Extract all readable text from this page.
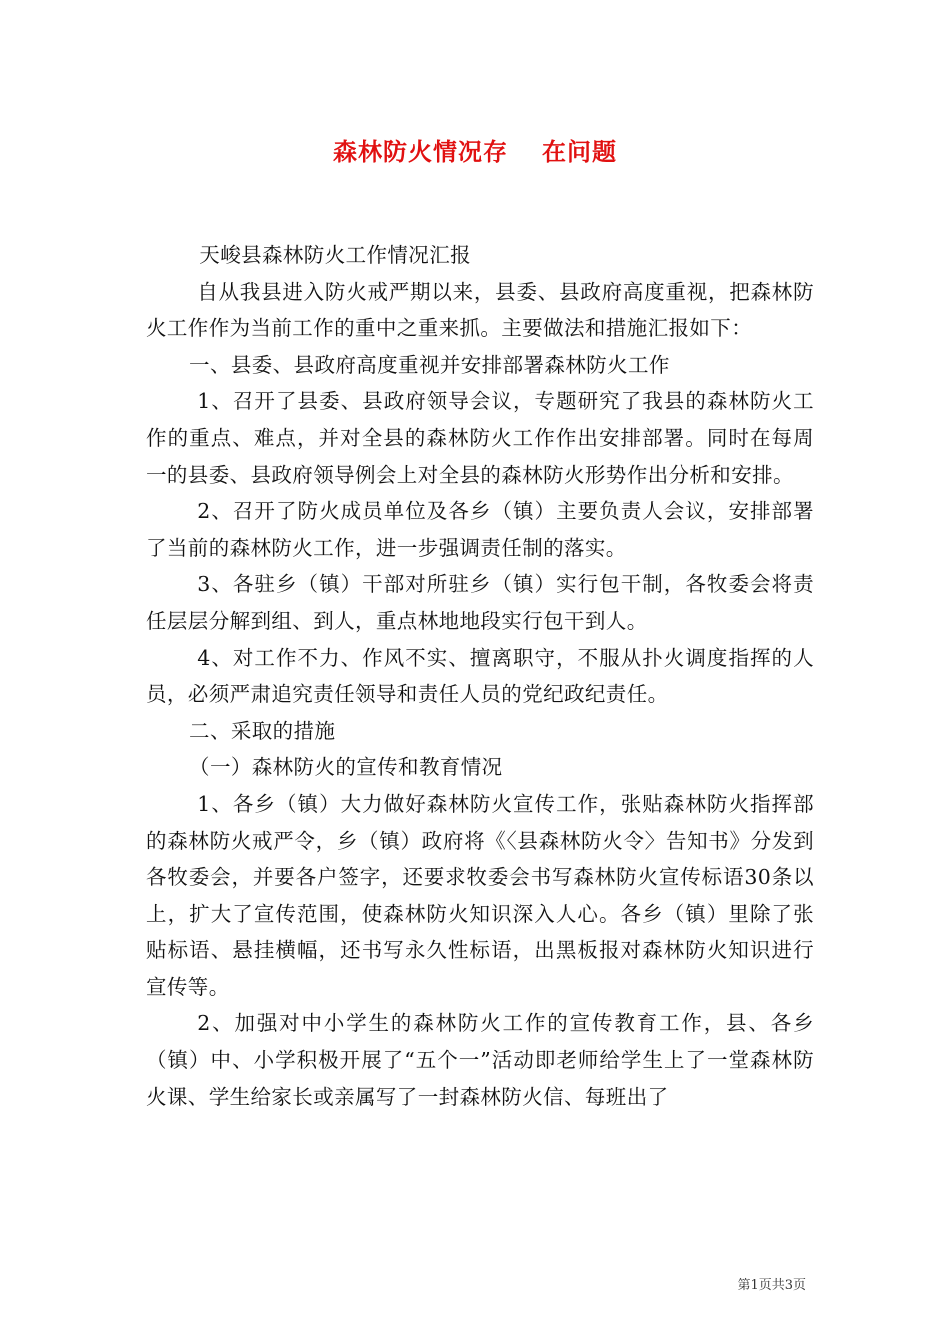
森林防火情况存 在问题

天峻县森林防火工作情况汇报

自从我县进入防火戒严期以来，县委、县政府高度重视，把森林防火工作作为当前工作的重中之重来抓。主要做法和措施汇报如下：

一、县委、县政府高度重视并安排部署森林防火工作

1、召开了县委、县政府领导会议，专题研究了我县的森林防火工作的重点、难点，并对全县的森林防火工作作出安排部署。同时在每周一的县委、县政府领导例会上对全县的森林防火形势作出分析和安排。

2、召开了防火成员单位及各乡（镇）主要负责人会议，安排部署了当前的森林防火工作，进一步强调责任制的落实。

3、各驻乡（镇）干部对所驻乡（镇）实行包干制，各牧委会将责任层层分解到组、到人，重点林地地段实行包干到人。

4、对工作不力、作风不实、擅离职守，不服从扑火调度指挥的人员，必须严肃追究责任领导和责任人员的党纪政纪责任。

二、采取的措施

（一）森林防火的宣传和教育情况

1、各乡（镇）大力做好森林防火宣传工作，张贴森林防火指挥部的森林防火戒严令，乡（镇）政府将《〈县森林防火令〉告知书》分发到各牧委会，并要各户签字，还要求牧委会书写森林防火宣传标语30条以上，扩大了宣传范围，使森林防火知识深入人心。各乡（镇）里除了张贴标语、悬挂横幅，还书写永久性标语，出黑板报对森林防火知识进行宣传等。

2、加强对中小学生的森林防火工作的宣传教育工作，县、各乡（镇）中、小学积极开展了“五个一”活动即老师给学生上了一堂森林防火课、学生给家长或亲属写了一封森林防火信、每班出了

第1页共3页
